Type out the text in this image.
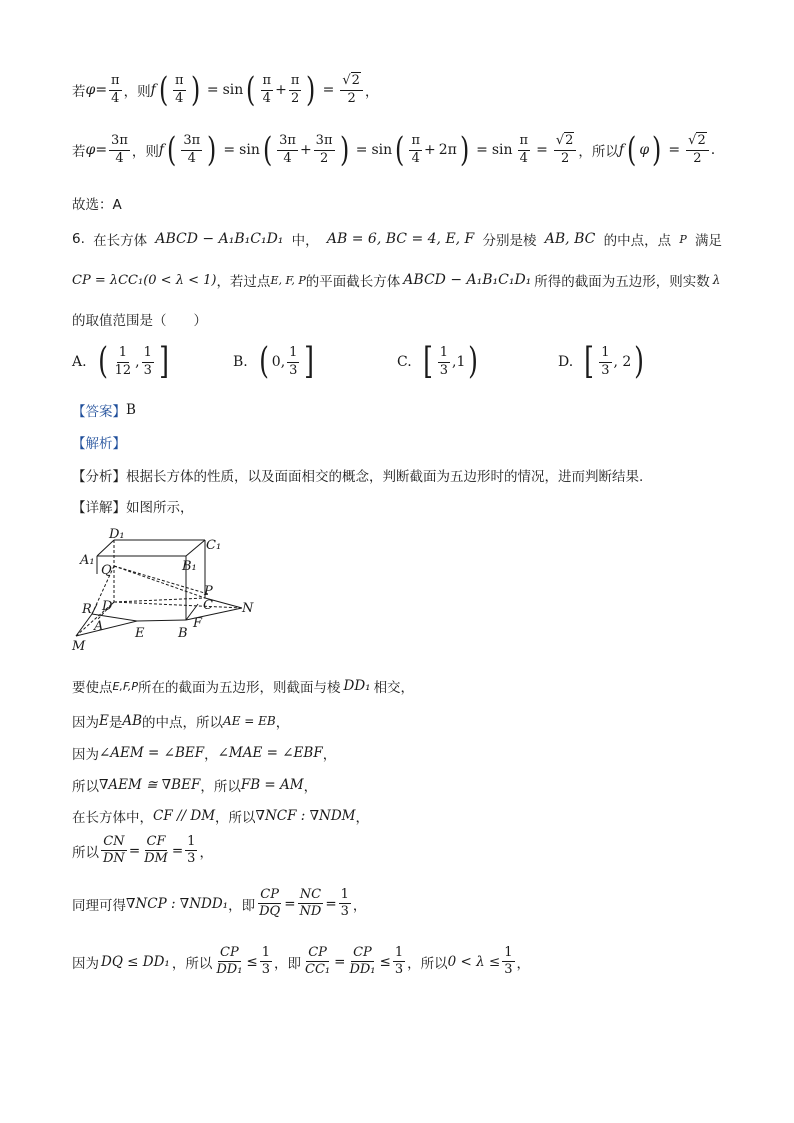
若 $\varphi = \frac{\pi}{4}$ ，则 f ( $\frac{\pi}{4}$ ) = sin ( $\frac{\pi}{4} + \frac{\pi}{2}$ ) = $\frac{√2}{2}$ ，
若 $\varphi = \frac{3\pi}{4}$ ，则 f ( $\frac{3\pi}{4}$ ) = sin ( $\frac{3\pi}{4} + \frac{3\pi}{2}$ ) = sin ( $\frac{\pi}{4} + 2\pi$ ) = $\sin \frac{\pi}{4} = \frac{√2}{2}$ ，所以 f ( φ ) = $\frac{√2}{2}$ .
故选：A
6. 在长方体 ABCD − A₁B₁C₁D₁ 中， AB = 6, BC = 4, E, F 分别是棱 AB, BC 的中点，点 P 满足
CP = λCC₁(0 < λ < 1) ，若过点 E, F, P 的平面截长方体 ABCD − A₁B₁C₁D₁ 所得的截面为五边形，则实数 λ
的取值范围是（　　）
A. ( $\frac{1}{12}$ , $\frac{1}{3}$ ]	B. ( 0, $\frac{1}{3}$ ]	C. [ $\frac{1}{3} ,1$ )	D. [ $\frac{1}{3}$ , 2 )
【答案】 B
【解析】
【分析】 根据长方体的性质，以及面面相交的概念，判断截面为五边形时的情况，进而判断结果.
【详解】 如图所示，
D₁
C₁
A₁	B₁
Q
P
R D	C N
A E	B
F
M
要使点 E,F,P 所在的截面为五边形，则截面与棱 DD₁ 相交，
因为 E 是 AB 的中点，所以 AE = EB ，
因为 ∠AEM = ∠BEF ， ∠MAE = ∠EBF ，
所以 ∇AEM ≅ ∇BEF ，所以 FB = AM ，
在长方体中， CF // DM ，所以 ∇NCF : ∇NDM ，
所以 $\frac{CN}{DN} = \frac{CF}{DM} = \frac{1}{3}$ ，
同理可得 ∇NCP : ∇NDD₁ ，即 $\frac{CP}{DQ} = \frac{NC}{ND} = \frac{1}{3}$ ，
因为 DQ ≤ DD₁ ，所以 $\frac{CP}{\text{DD₁}} \le \frac{1}{3}$ ，即 $\frac{CP}{\text{CC₁}} = \frac{CP}{\text{DD₁}} \le \frac{1}{3}$ ，所以 $0 < \lambda \le \frac{1}{3}$ ，
